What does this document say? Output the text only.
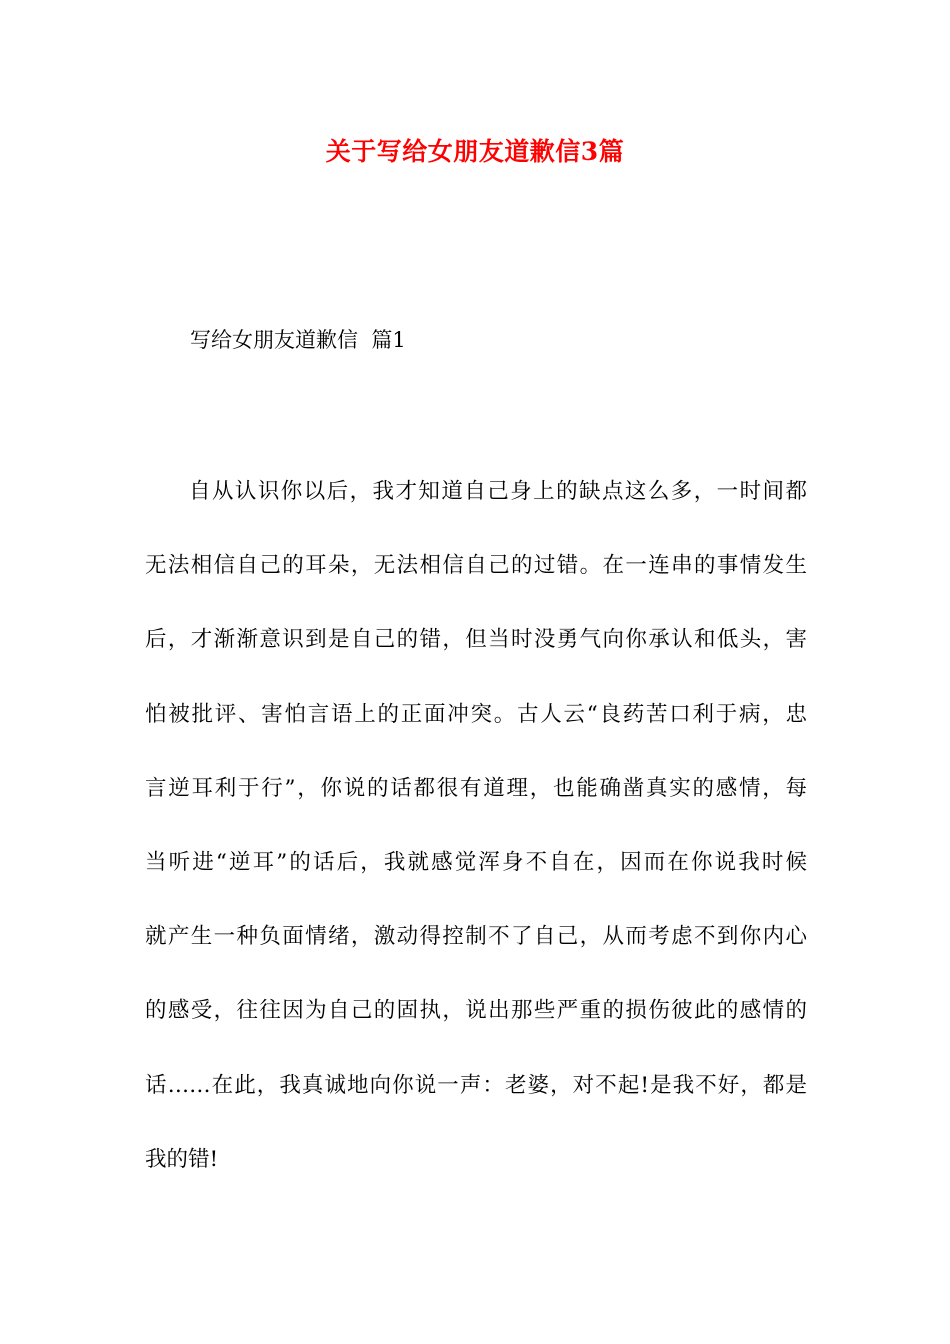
关于写给女朋友道歉信3篇
写给女朋友道歉信  篇1
自从认识你以后，我才知道自己身上的缺点这么多，一时间都
无法相信自己的耳朵，无法相信自己的过错。在一连串的事情发生
后，才渐渐意识到是自己的错，但当时没勇气向你承认和低头，害
怕被批评、害怕言语上的正面冲突。古人云“良药苦口利于病，忠
言逆耳利于行”，你说的话都很有道理，也能确凿真实的感情，每
当听进“逆耳”的话后，我就感觉浑身不自在，因而在你说我时候
就产生一种负面情绪，激动得控制不了自己，从而考虑不到你内心
的感受，往往因为自己的固执，说出那些严重的损伤彼此的感情的
话……在此，我真诚地向你说一声：老婆，对不起!是我不好，都是
我的错!
